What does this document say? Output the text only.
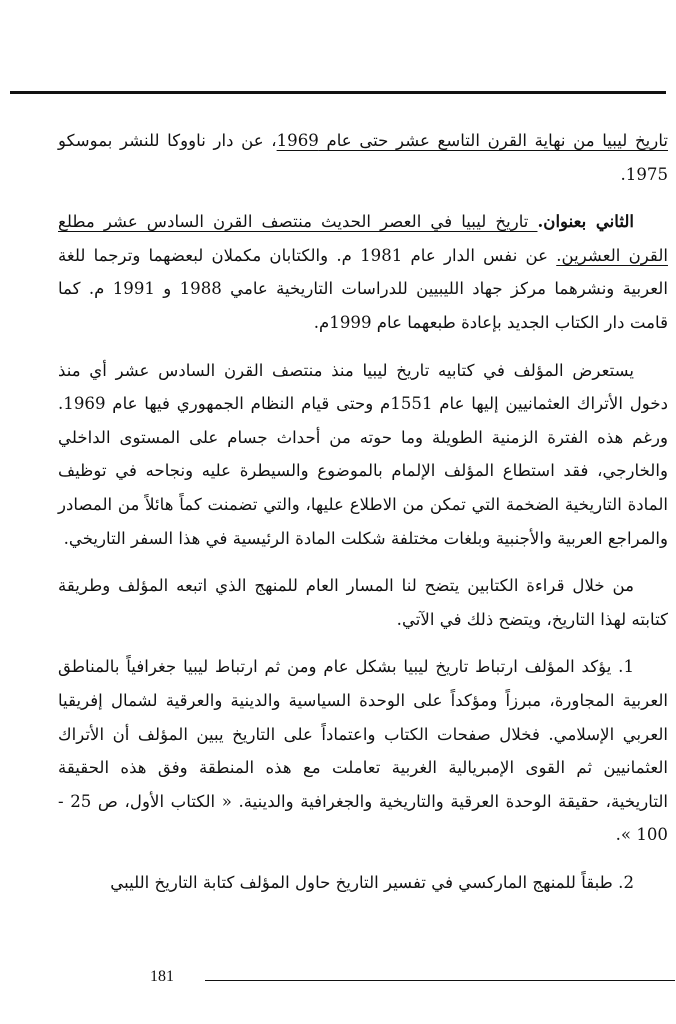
تاريخ ليبيا من نهاية القرن التاسع عشر حتى عام 1969، عن دار ناووكا للنشر بموسكو 1975.

الثاني بعنوان. تاريخ ليبيا في العصر الحديث منتصف القرن السادس عشر مطلع القرن العشرين. عن نفس الدار عام 1981 م. والكتابان مكملان لبعضهما وترجما للغة العربية ونشرهما مركز جهاد الليبيين للدراسات التاريخية عامي 1988 و 1991 م. كما قامت دار الكتاب الجديد بإعادة طبعهما عام 1999م.

يستعرض المؤلف في كتابيه تاريخ ليبيا منذ منتصف القرن السادس عشر أي منذ دخول الأتراك العثمانيين إليها عام 1551م وحتى قيام النظام الجمهوري فيها عام 1969. ورغم هذه الفترة الزمنية الطويلة وما حوته من أحداث جسام على المستوى الداخلي والخارجي، فقد استطاع المؤلف الإلمام بالموضوع والسيطرة عليه ونجاحه في توظيف المادة التاريخية الضخمة التي تمكن من الاطلاع عليها، والتي تضمنت كماً هائلاً من المصادر والمراجع العربية والأجنبية وبلغات مختلفة شكلت المادة الرئيسية في هذا السفر التاريخي.

من خلال قراءة الكتابين يتضح لنا المسار العام للمنهج الذي اتبعه المؤلف وطريقة كتابته لهذا التاريخ، ويتضح ذلك في الآتي.

1. يؤكد المؤلف ارتباط تاريخ ليبيا بشكل عام ومن ثم ارتباط ليبيا جغرافياً بالمناطق العربية المجاورة، مبرزاً ومؤكداً على الوحدة السياسية والدينية والعرقية لشمال إفريقيا العربي الإسلامي. فخلال صفحات الكتاب واعتماداً على التاريخ يبين المؤلف أن الأتراك العثمانيين ثم القوى الإمبريالية الغربية تعاملت مع هذه المنطقة وفق هذه الحقيقة التاريخية، حقيقة الوحدة العرقية والتاريخية والجغرافية والدينية. « الكتاب الأول، ص 25 - 100 ».

2. طبقاً للمنهج الماركسي في تفسير التاريخ حاول المؤلف كتابة التاريخ الليبي

181
